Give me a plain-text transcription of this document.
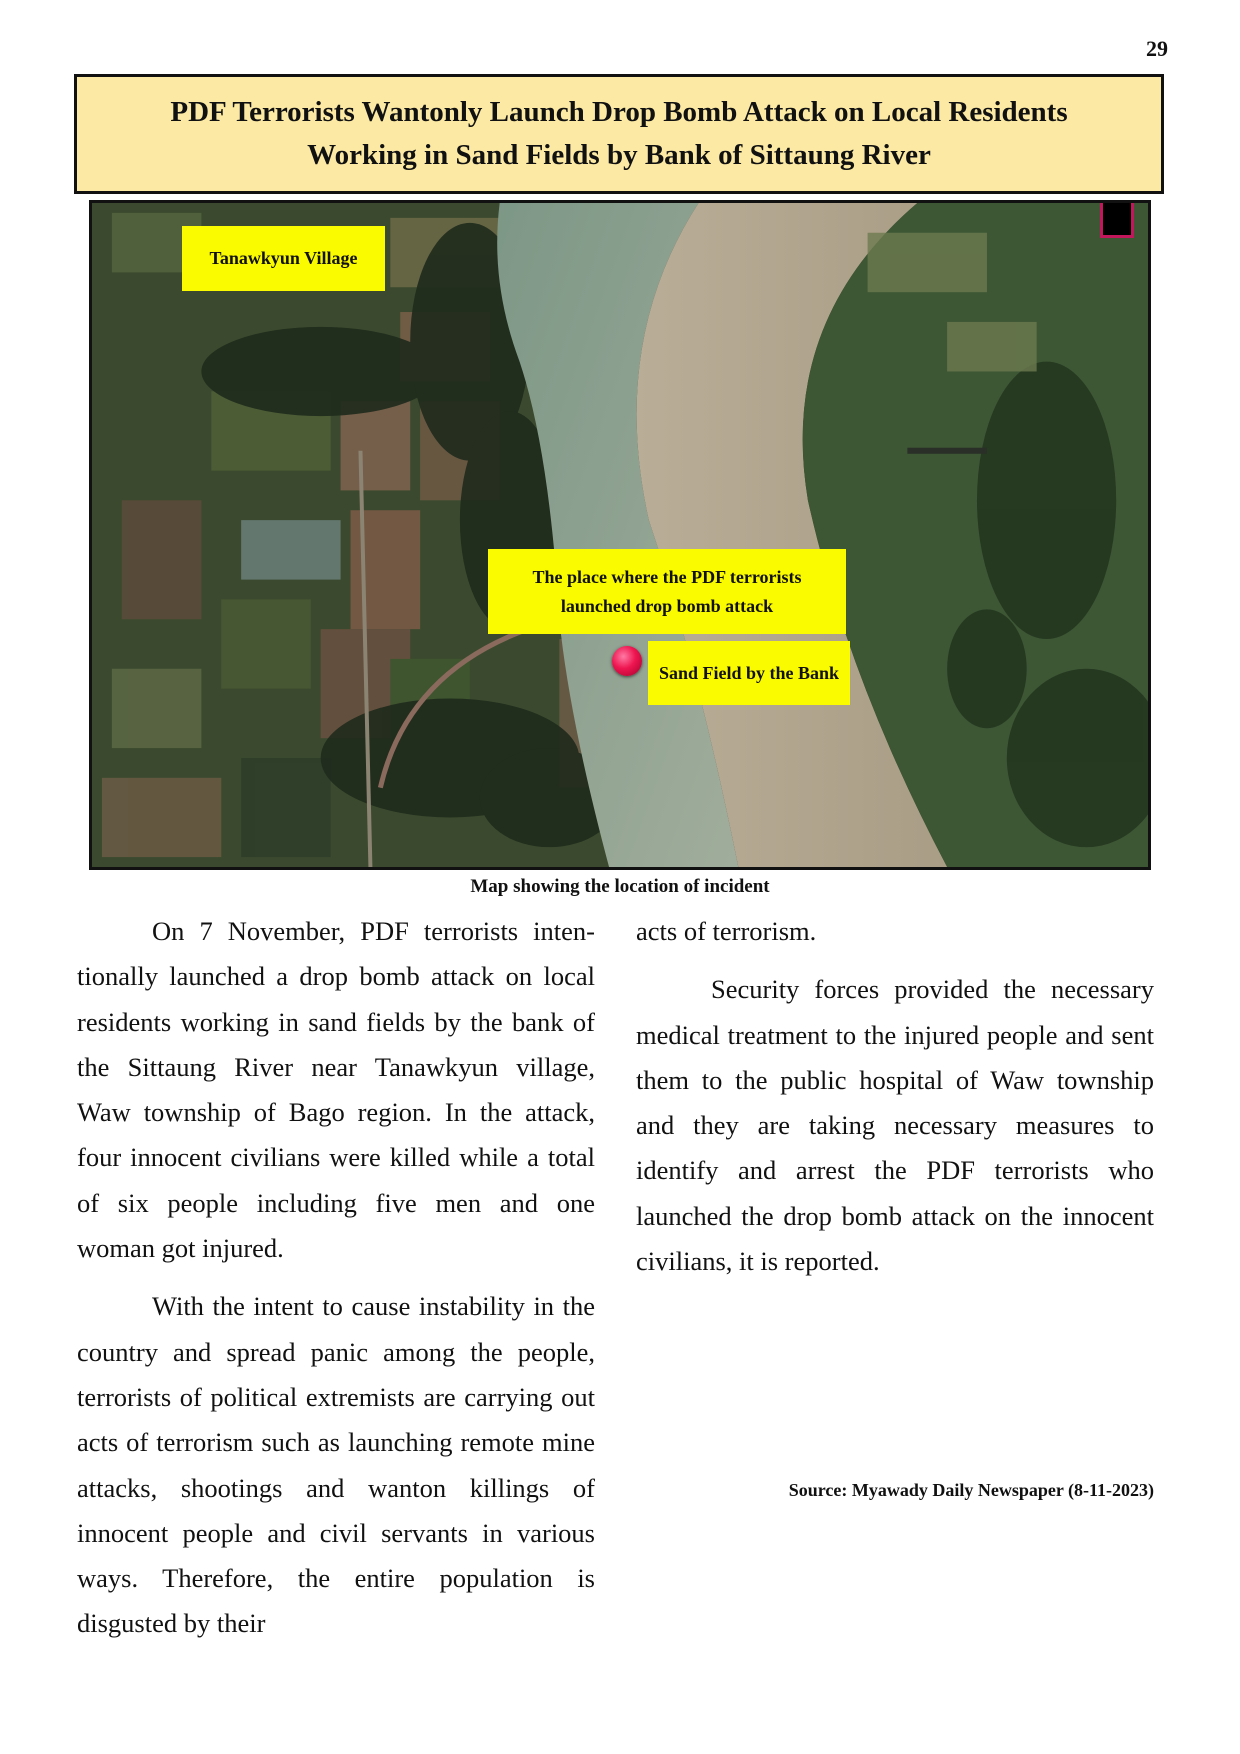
29
PDF Terrorists Wantonly Launch Drop Bomb Attack on Local Residents
Working in Sand Fields by Bank of Sittaung River
Tanawkyun Village
The place where the PDF terrorists
launched drop bomb attack
Sand Field by the Bank
Map showing the location of incident

On 7 November, PDF terrorists intentionally launched a drop bomb attack on local residents working in sand fields by the bank of the Sittaung River near Tanawkyun village, Waw township of Bago region. In the attack, four innocent civilians were killed while a total of six people including five men and one woman got injured.

With the intent to cause instability in the country and spread panic among the people, terrorists of political extremists are carrying out acts of terrorism such as launching remote mine attacks, shootings and wanton killings of innocent people and civil servants in various ways. Therefore, the entire population is disgusted by their

acts of terrorism.

Security forces provided the necessary medical treatment to the injured people and sent them to the public hospital of Waw township and they are taking necessary measures to identify and arrest the PDF terrorists who launched the drop bomb attack on the innocent civilians, it is reported.

Source: Myawady Daily Newspaper (8-11-2023)
